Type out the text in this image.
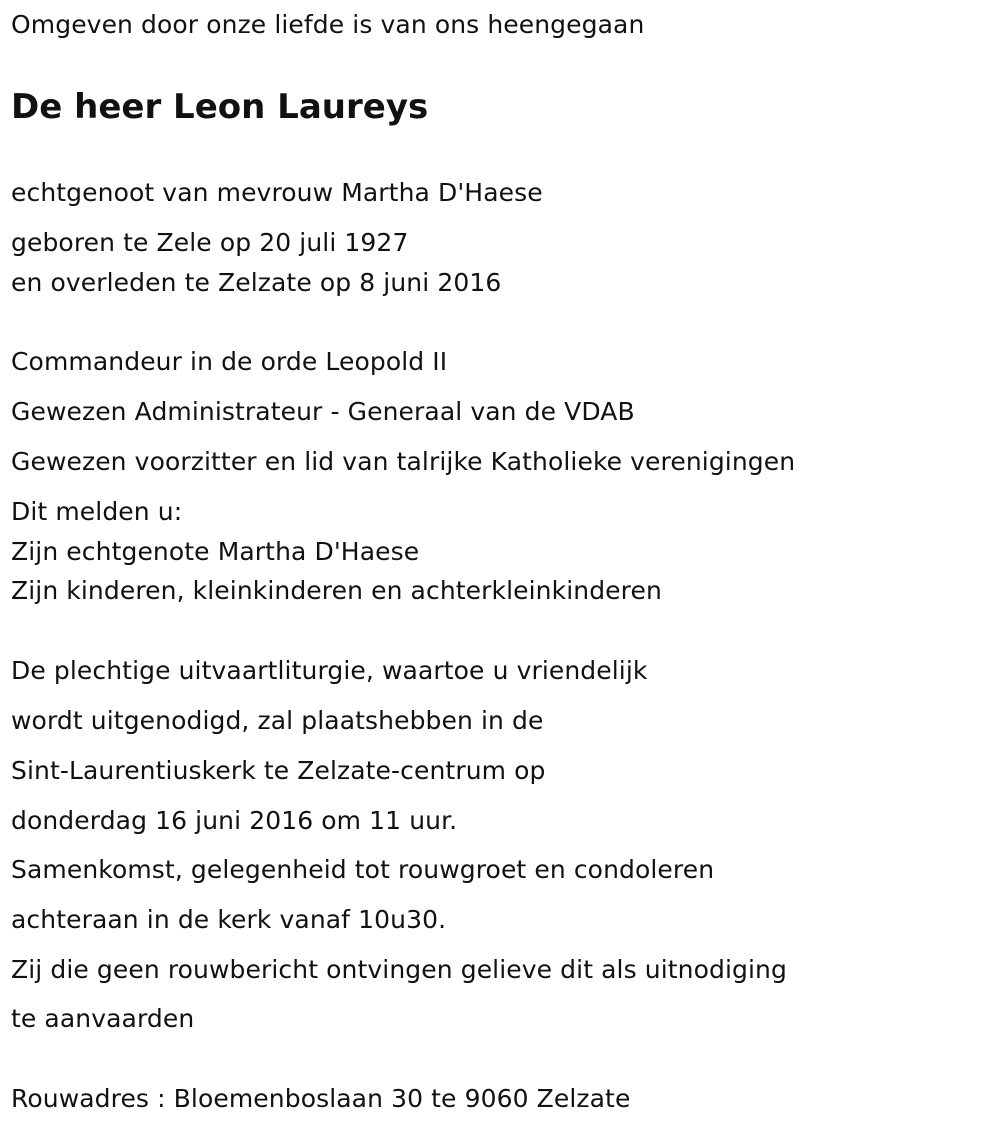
Omgeven door onze liefde is van ons heengegaan
De heer Leon Laureys
echtgenoot van mevrouw Martha D'Haese
geboren te Zele op 20 juli 1927
en overleden te Zelzate op 8 juni 2016
Commandeur in de orde Leopold II
Gewezen Administrateur - Generaal van de VDAB
Gewezen voorzitter en lid van talrijke Katholieke verenigingen
Dit melden u:
Zijn echtgenote Martha D'Haese
Zijn kinderen, kleinkinderen en achterkleinkinderen
De plechtige uitvaartliturgie, waartoe u vriendelijk
wordt uitgenodigd, zal plaatshebben in de
Sint-Laurentiuskerk te Zelzate-centrum op
donderdag 16 juni 2016 om 11 uur.
Samenkomst, gelegenheid tot rouwgroet en condoleren
achteraan in de kerk vanaf 10u30.
Zij die geen rouwbericht ontvingen gelieve dit als uitnodiging
te aanvaarden
Rouwadres : Bloemenboslaan 30 te 9060 Zelzate
